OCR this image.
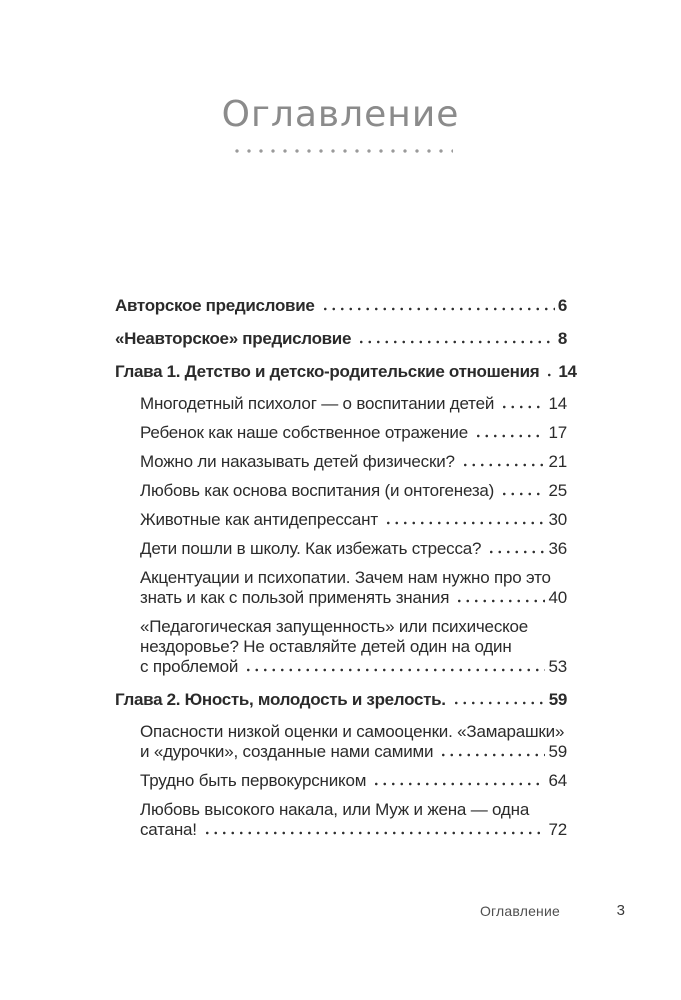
Оглавление
Авторское предисловие	6
«Неавторское» предисловие	8
Глава 1. Детство и детско-родительские отношения 14
Многодетный психолог — о воспитании детей	14
Ребенок как наше собственное отражение	17
Можно ли наказывать детей физически?	21
Любовь как основа воспитания (и онтогенеза)	25
Животные как антидепрессант	30
Дети пошли в школу. Как избежать стресса?	36
Акцентуации и психопатии. Зачем нам нужно про это
знать и как с пользой применять знания	40
«Педагогическая запущенность» или психическое
нездоровье? Не оставляйте детей один на один
с проблемой	53
Глава 2. Юность, молодость и зрелость.	59
Опасности низкой оценки и самооценки. «Замарашки»
и «дурочки», созданные нами самими	59
Трудно быть первокурсником	64
Любовь высокого накала, или Муж и жена — одна
сатана!	72
Оглавление	3
